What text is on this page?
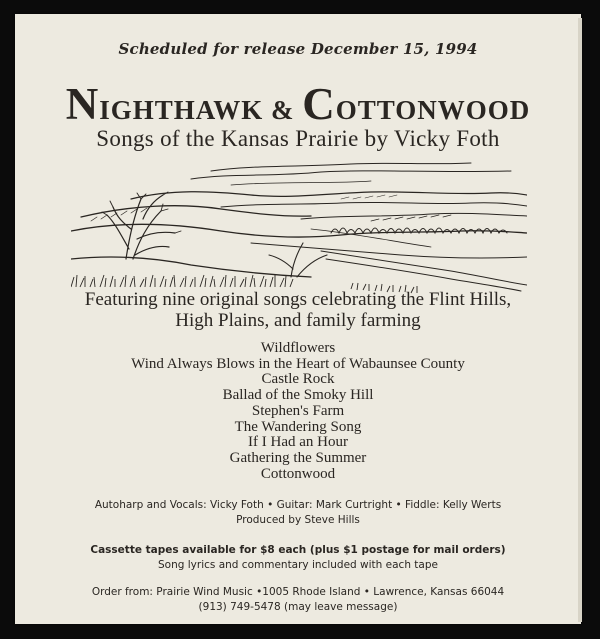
Scheduled for release December 15, 1994
NIGHTHAWK & COTTONWOOD
Songs of the Kansas Prairie by Vicky Foth
Featuring nine original songs celebrating the Flint Hills,
High Plains, and family farming
Wildflowers
Wind Always Blows in the Heart of Wabaunsee County
Castle Rock
Ballad of the Smoky Hill
Stephen's Farm
The Wandering Song
If I Had an Hour
Gathering the Summer
Cottonwood
Autoharp and Vocals: Vicky Foth • Guitar: Mark Curtright • Fiddle: Kelly Werts
Produced by Steve Hills
Cassette tapes available for $8 each (plus $1 postage for mail orders)
Song lyrics and commentary included with each tape
Order from: Prairie Wind Music •1005 Rhode Island • Lawrence, Kansas 66044
(913) 749-5478 (may leave message)
